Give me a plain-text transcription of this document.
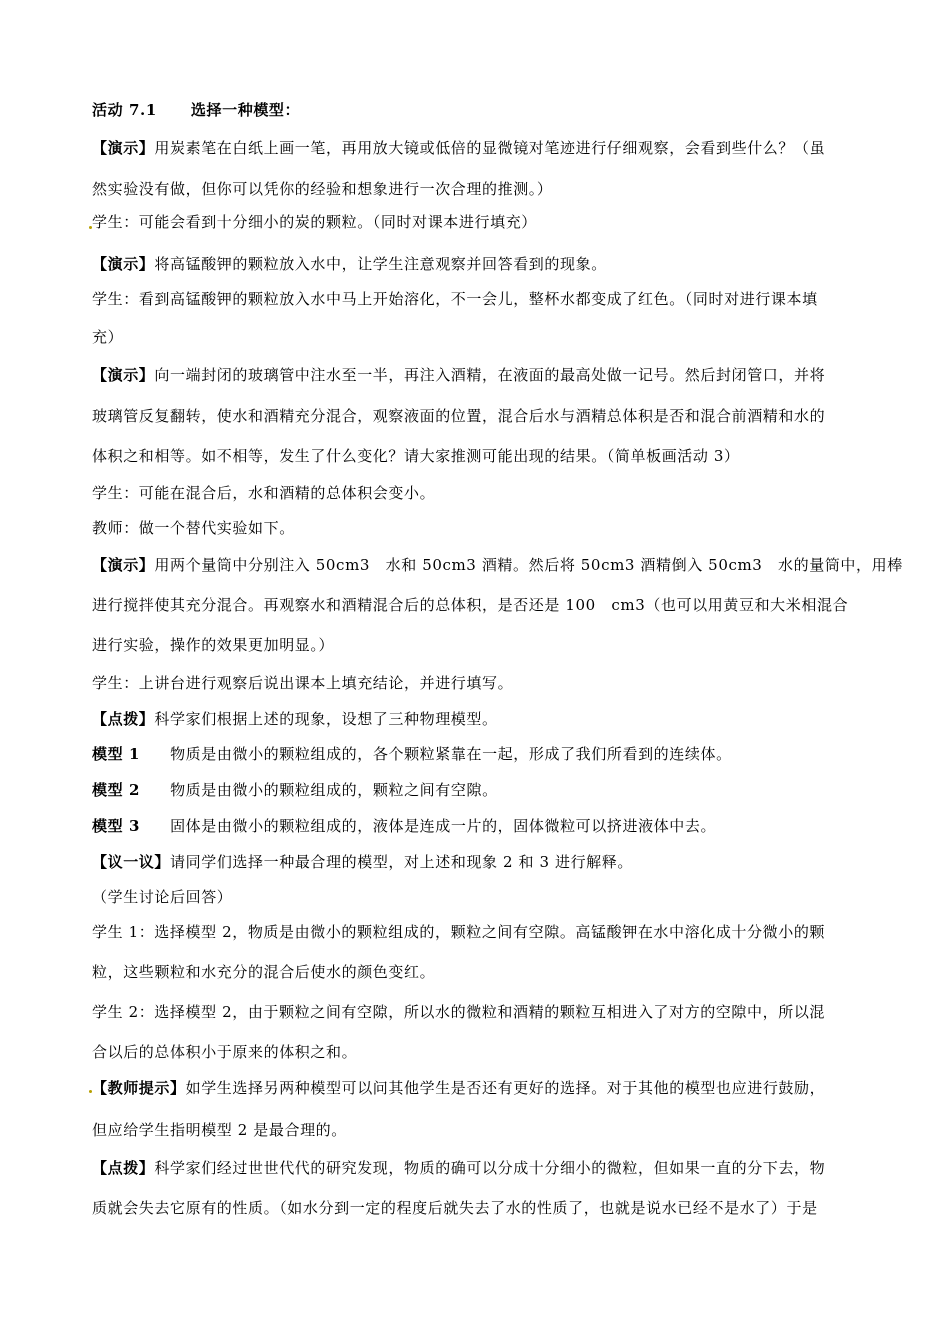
活动 7.1 选择一种模型：
【演示】用炭素笔在白纸上画一笔，再用放大镜或低倍的显微镜对笔迹进行仔细观察，会看到些什么？（虽
然实验没有做，但你可以凭你的经验和想象进行一次合理的推测。）
学生：可能会看到十分细小的炭的颗粒。（同时对课本进行填充）
【演示】将高锰酸钾的颗粒放入水中，让学生注意观察并回答看到的现象。
学生：看到高锰酸钾的颗粒放入水中马上开始溶化，不一会儿，整杯水都变成了红色。（同时对进行课本填
充）
【演示】向一端封闭的玻璃管中注水至一半，再注入酒精，在液面的最高处做一记号。然后封闭管口，并将
玻璃管反复翻转，使水和酒精充分混合，观察液面的位置，混合后水与酒精总体积是否和混合前酒精和水的
体积之和相等。如不相等，发生了什么变化？请大家推测可能出现的结果。（简单板画活动 3）
学生：可能在混合后，水和酒精的总体积会变小。
教师：做一个替代实验如下。
【演示】用两个量筒中分别注入 50cm3　水和 50cm3 酒精。然后将 50cm3 酒精倒入 50cm3　水的量筒中，用棒
进行搅拌使其充分混合。再观察水和酒精混合后的总体积，是否还是 100　cm3（也可以用黄豆和大米相混合
进行实验，操作的效果更加明显。）
学生：上讲台进行观察后说出课本上填充结论，并进行填写。
【点拨】科学家们根据上述的现象，设想了三种物理模型。
模型 1 物质是由微小的颗粒组成的，各个颗粒紧靠在一起，形成了我们所看到的连续体。
模型 2 物质是由微小的颗粒组成的，颗粒之间有空隙。
模型 3 固体是由微小的颗粒组成的，液体是连成一片的，固体微粒可以挤进液体中去。
【议一议】请同学们选择一种最合理的模型，对上述和现象 2 和 3 进行解释。
（学生讨论后回答）
学生 1：选择模型 2，物质是由微小的颗粒组成的，颗粒之间有空隙。高锰酸钾在水中溶化成十分微小的颗
粒，这些颗粒和水充分的混合后使水的颜色变红。
学生 2：选择模型 2，由于颗粒之间有空隙，所以水的微粒和酒精的颗粒互相进入了对方的空隙中，所以混
合以后的总体积小于原来的体积之和。
【教师提示】如学生选择另两种模型可以问其他学生是否还有更好的选择。对于其他的模型也应进行鼓励，
但应给学生指明模型 2 是最合理的。
【点拨】科学家们经过世世代代的研究发现，物质的确可以分成十分细小的微粒，但如果一直的分下去，物
质就会失去它原有的性质。（如水分到一定的程度后就失去了水的性质了，也就是说水已经不是水了）于是
